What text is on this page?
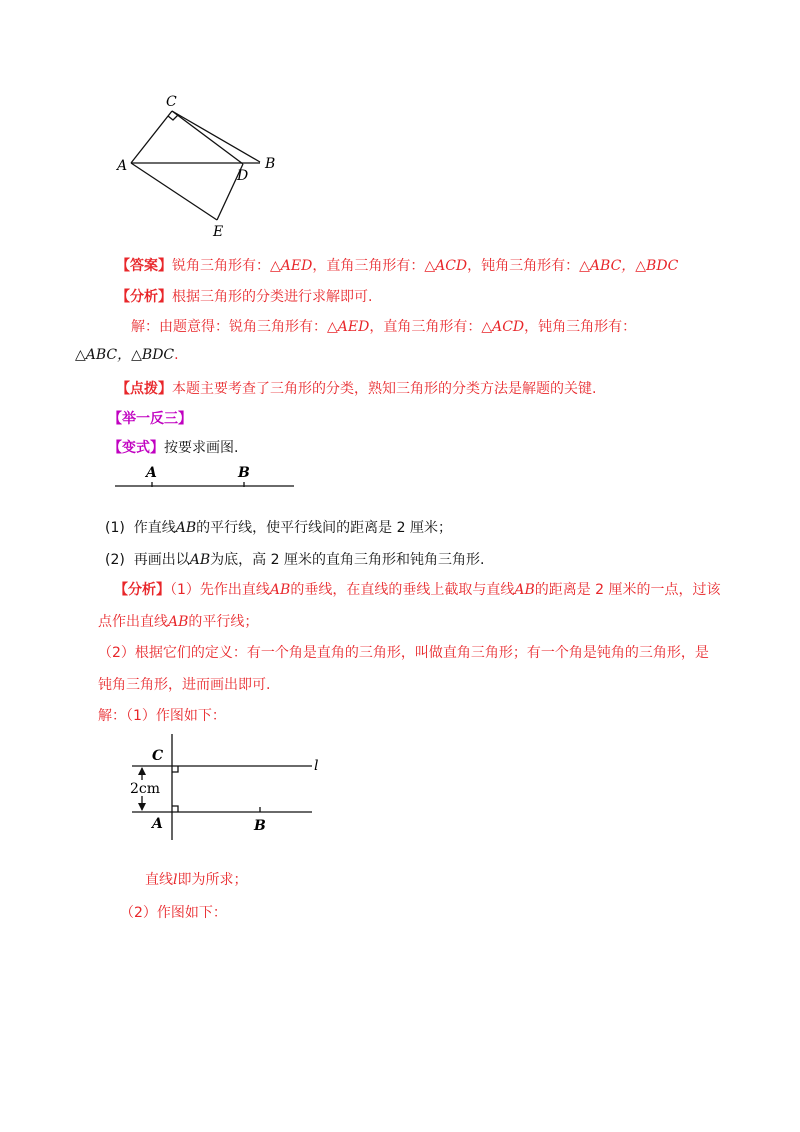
C
A	B
D
E
【答案】锐角三角形有：△AED，直角三角形有：△ACD，钝角三角形有：△ABC，△BDC
【分析】根据三角形的分类进行求解即可.
解：由题意得：锐角三角形有：△AED，直角三角形有：△ACD，钝角三角形有：
△ABC，△BDC.
【点拨】本题主要考查了三角形的分类，熟知三角形的分类方法是解题的关键.
【举一反三】
【变式】按要求画图.
A	B
(1) 作直线AB的平行线，使平行线间的距离是 2 厘米；
(2) 再画出以AB为底，高 2 厘米的直角三角形和钝角三角形.
【分析】（1）先作出直线AB的垂线，在直线的垂线上截取与直线AB的距离是 2 厘米的一点，过该
点作出直线AB的平行线；
（2）根据它们的定义：有一个角是直角的三角形，叫做直角三角形；有一个角是钝角的三角形，是
钝角三角形，进而画出即可.
解：（1）作图如下：
C
l
2cm
A	B
直线l即为所求；
（2）作图如下：
